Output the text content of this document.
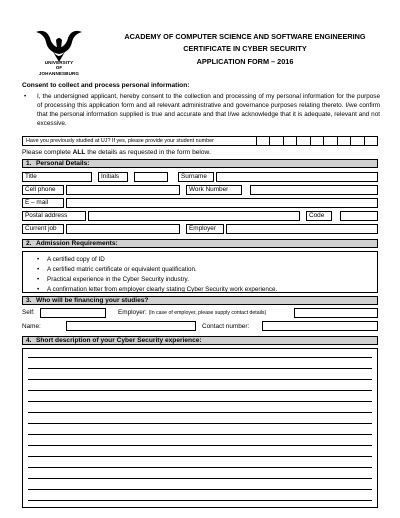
UNIVERSITY
OF
JOHANNESBURG
ACADEMY OF COMPUTER SCIENCE AND SOFTWARE ENGINEERING
CERTIFICATE IN CYBER SECURITY
APPLICATION FORM – 2016
Consent to collect and process personal information:
• I, the undersigned applicant, hereby consent to the collection and processing of my personal information for the purpose of processing this application form and all relevant administrative and governance purposes relating thereto. I/we confirm that the personal information supplied is true and accurate and that I/we acknowledge that it is adequate, relevant and not excessive.
Have you previously studied at UJ? If yes, please provide your student number
Please complete ALL the details as requested in the form below.
1. Personal Details:
Title	Initials	Surname
Cell phone	Work Number
E – mail
Postal address	Code
Current job	Employer
2. Admission Requirements:
• A certified copy of ID
• A certified matric certificate or equivalent qualification.
• Practical experience in the Cyber Security industry.
• A confirmation letter from employer clearly stating Cyber Security work experience.
3. Who will be financing your studies?
Self:	Employer: (In case of employer, please supply contact details)
Name:	Contact number:
4. Short description of your Cyber Security experience:
